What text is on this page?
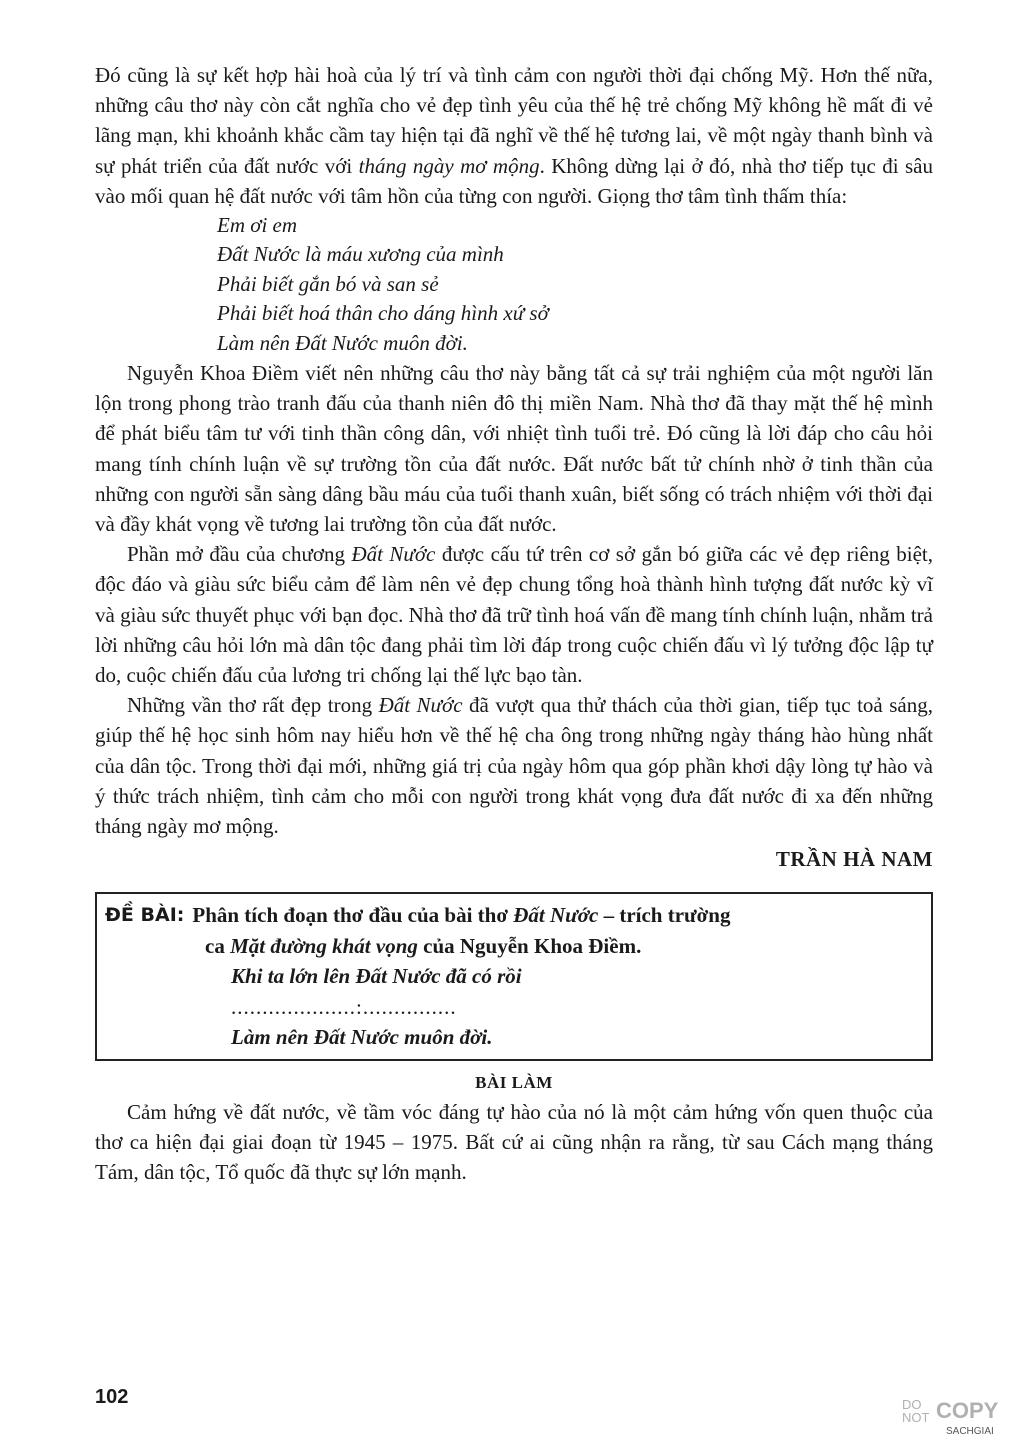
Đó cũng là sự kết hợp hài hoà của lý trí và tình cảm con người thời đại chống Mỹ. Hơn thế nữa, những câu thơ này còn cắt nghĩa cho vẻ đẹp tình yêu của thế hệ trẻ chống Mỹ không hề mất đi vẻ lãng mạn, khi khoảnh khắc cầm tay hiện tại đã nghĩ về thế hệ tương lai, về một ngày thanh bình và sự phát triển của đất nước với tháng ngày mơ mộng. Không dừng lại ở đó, nhà thơ tiếp tục đi sâu vào mối quan hệ đất nước với tâm hồn của từng con người. Giọng thơ tâm tình thấm thía:

Em ơi em
Đất Nước là máu xương của mình
Phải biết gắn bó và san sẻ
Phải biết hoá thân cho dáng hình xứ sở
Làm nên Đất Nước muôn đời.

Nguyễn Khoa Điềm viết nên những câu thơ này bằng tất cả sự trải nghiệm của một người lăn lộn trong phong trào tranh đấu của thanh niên đô thị miền Nam. Nhà thơ đã thay mặt thế hệ mình để phát biểu tâm tư với tinh thần công dân, với nhiệt tình tuổi trẻ. Đó cũng là lời đáp cho câu hỏi mang tính chính luận về sự trường tồn của đất nước. Đất nước bất tử chính nhờ ở tinh thần của những con người sẵn sàng dâng bầu máu của tuổi thanh xuân, biết sống có trách nhiệm với thời đại và đầy khát vọng về tương lai trường tồn của đất nước.

Phần mở đầu của chương Đất Nước được cấu tứ trên cơ sở gắn bó giữa các vẻ đẹp riêng biệt, độc đáo và giàu sức biểu cảm để làm nên vẻ đẹp chung tổng hoà thành hình tượng đất nước kỳ vĩ và giàu sức thuyết phục với bạn đọc. Nhà thơ đã trữ tình hoá vấn đề mang tính chính luận, nhằm trả lời những câu hỏi lớn mà dân tộc đang phải tìm lời đáp trong cuộc chiến đấu vì lý tưởng độc lập tự do, cuộc chiến đấu của lương tri chống lại thế lực bạo tàn.

Những vần thơ rất đẹp trong Đất Nước đã vượt qua thử thách của thời gian, tiếp tục toả sáng, giúp thế hệ học sinh hôm nay hiểu hơn về thế hệ cha ông trong những ngày tháng hào hùng nhất của dân tộc. Trong thời đại mới, những giá trị của ngày hôm qua góp phần khơi dậy lòng tự hào và ý thức trách nhiệm, tình cảm cho mỗi con người trong khát vọng đưa đất nước đi xa đến những tháng ngày mơ mộng.

TRẦN HÀ NAM
ĐỀ BÀI: Phân tích đoạn thơ đầu của bài thơ Đất Nước – trích trường
ca Mặt đường khát vọng của Nguyễn Khoa Điềm.
Khi ta lớn lên Đất Nước đã có rồi
....................:...............
Làm nên Đất Nước muôn đời.
BÀI LÀM

Cảm hứng về đất nước, về tầm vóc đáng tự hào của nó là một cảm hứng vốn quen thuộc của thơ ca hiện đại giai đoạn từ 1945 – 1975. Bất cứ ai cũng nhận ra rằng, từ sau Cách mạng tháng Tám, dân tộc, Tổ quốc đã thực sự lớn mạnh.

102	DO
NOT COPY
SACHGIAI
